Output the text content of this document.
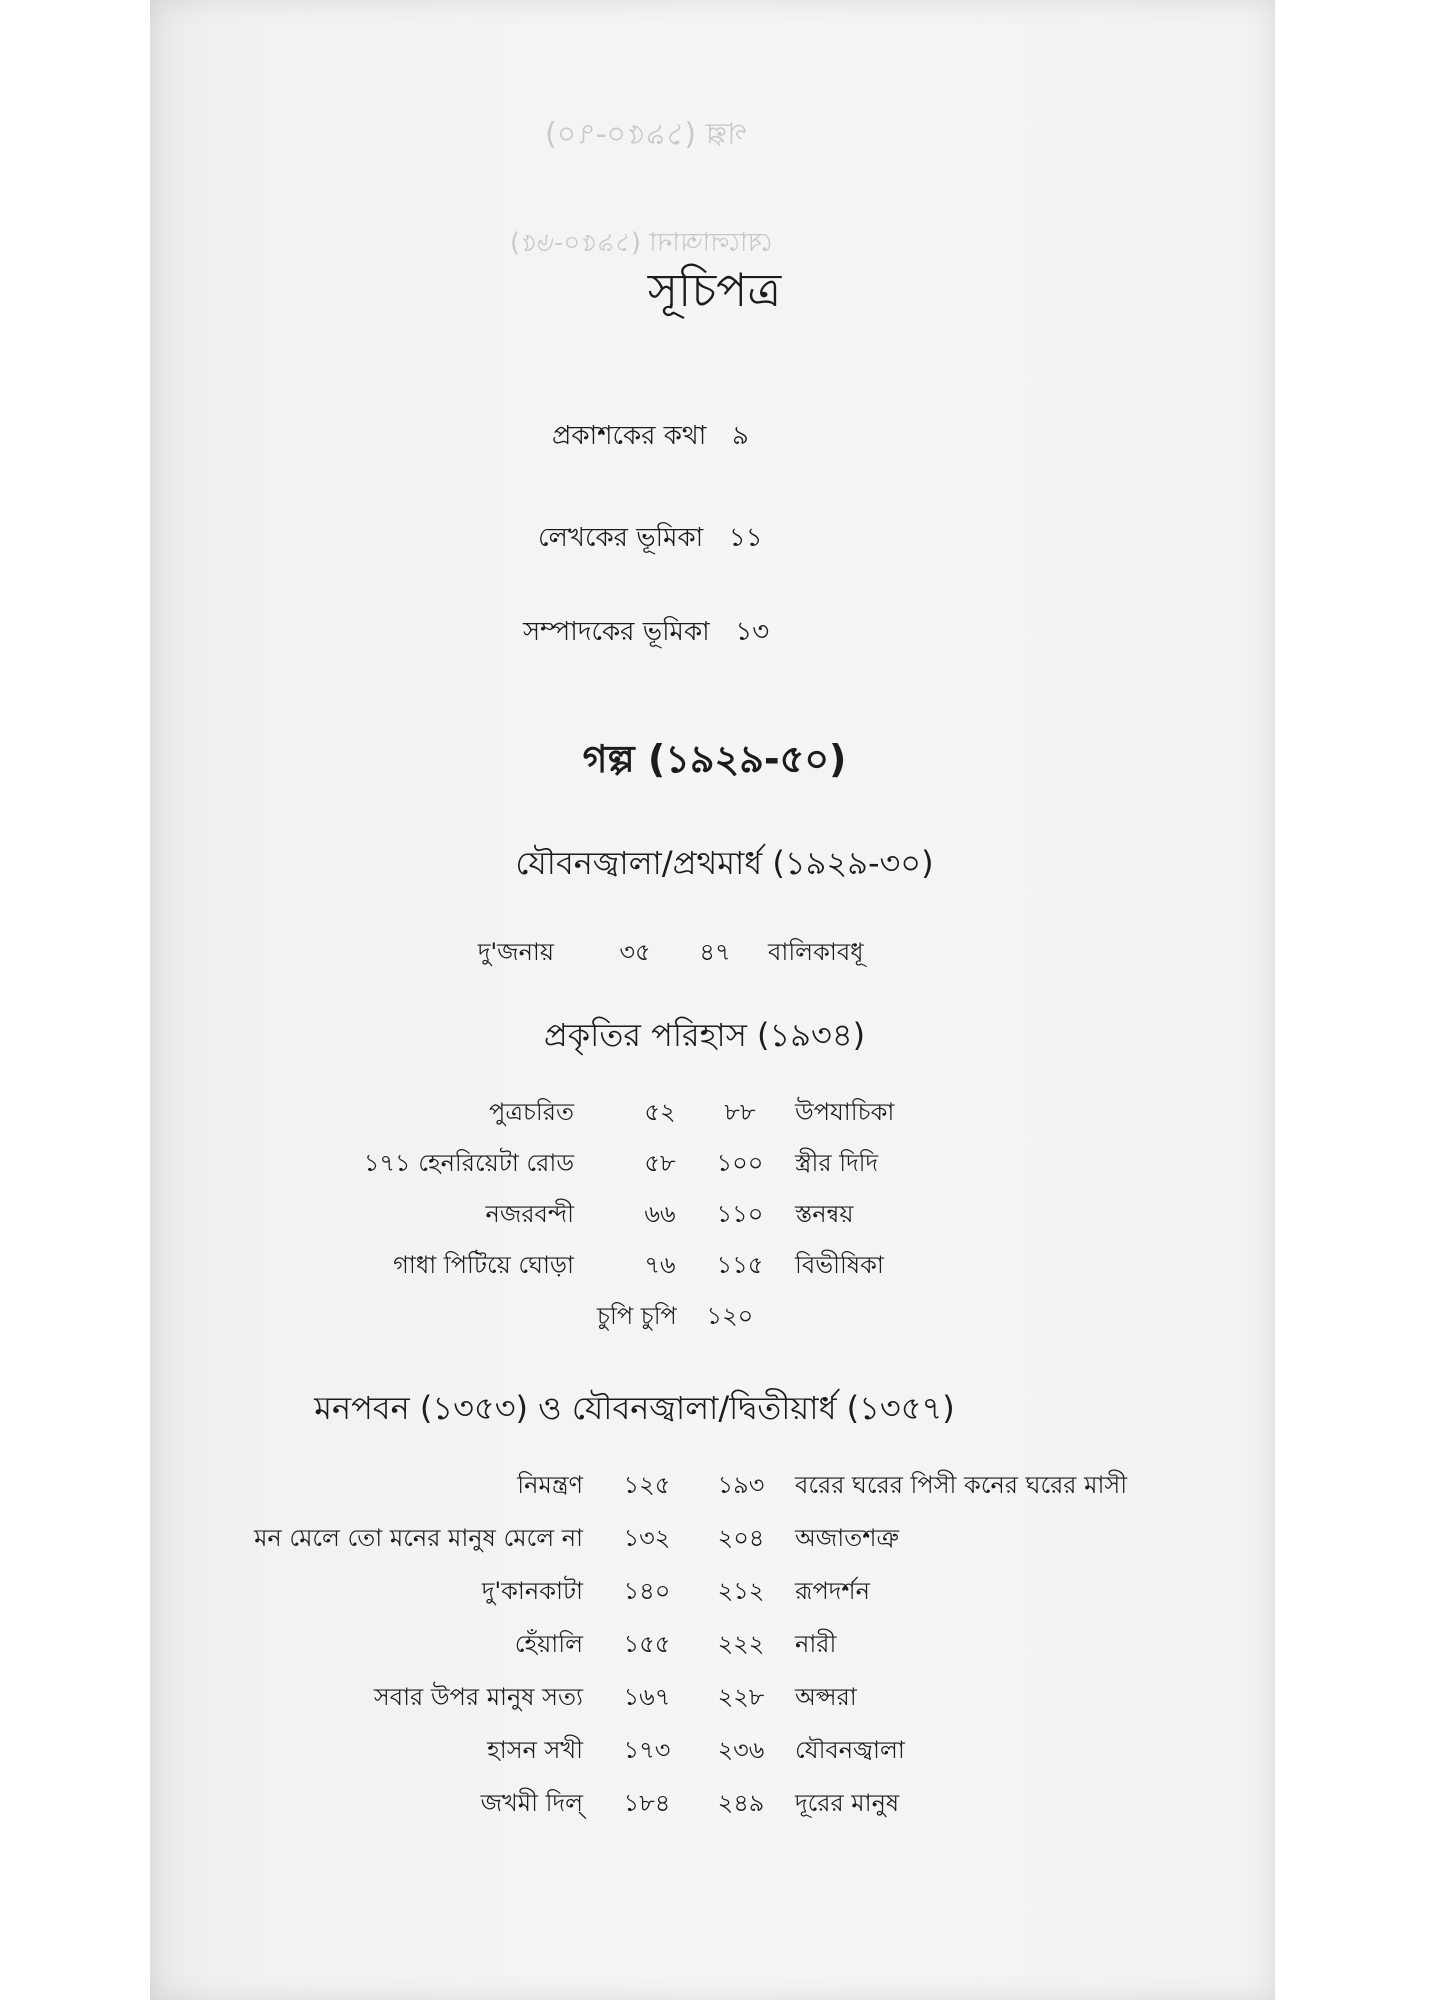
গল্প (১৯৫০-৭০)
ষোলোআনা (১৯৫০-৬৫)
সূচিপত্র
প্রকাশকের কথা ৯
লেখকের ভূমিকা ১১
সম্পাদকের ভূমিকা ১৩
গল্প (১৯২৯-৫০)
যৌবনজ্বালা/প্রথমার্ধ (১৯২৯-৩০)
দু'জনায়	৩৫	৪৭	বালিকাবধূ
প্রকৃতির পরিহাস (১৯৩৪)
পুত্রচরিত	৫২	৮৮	উপযাচিকা
১৭১ হেনরিয়েটা রোড	৫৮	১০০	স্ত্রীর দিদি
নজরবন্দী	৬৬	১১০	স্তনন্বয়
গাধা পিটিয়ে ঘোড়া	৭৬	১১৫	বিভীষিকা
চুপি চুপি ১২০
মনপবন (১৩৫৩) ও যৌবনজ্বালা/দ্বিতীয়ার্ধ (১৩৫৭)
নিমন্ত্রণ	১২৫	১৯৩	বরের ঘরের পিসী কনের ঘরের মাসী
মন মেলে তো মনের মানুষ মেলে না	১৩২	২০৪	অজাতশত্রু
দু'কানকাটা	১৪০	২১২	রূপদর্শন
হেঁয়ালি	১৫৫	২২২	নারী
সবার উপর মানুষ সত্য	১৬৭	২২৮	অপ্সরা
হাসন সখী	১৭৩	২৩৬	যৌবনজ্বালা
জখমী দিল্	১৮৪	২৪৯	দূরের মানুষ
